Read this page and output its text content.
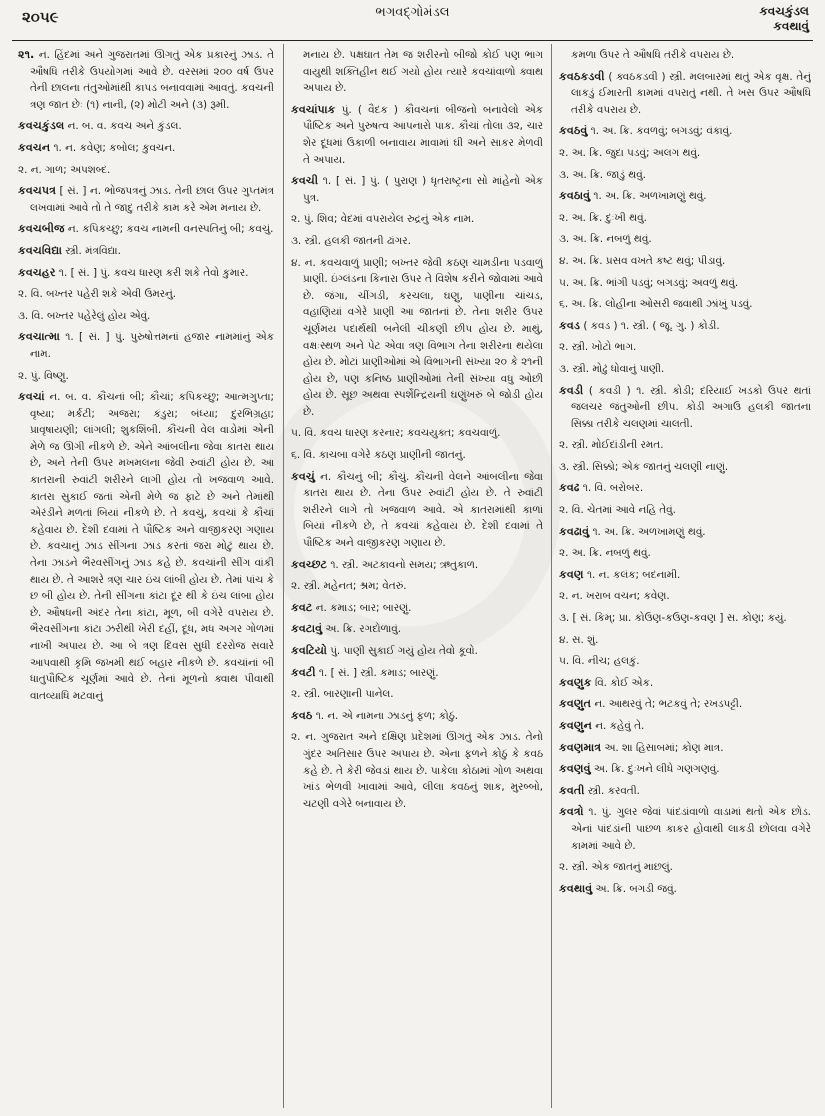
૨૦૫૯	ભગવદ્ગોમંડલ	કવચકુંડલ
કવથાવું

૨૧. ન. હિંદમાં અને ગુજરાતમાં ઊગતું એક પ્રકારનું ઝાડ. તે ઔષધિ તરીકે ઉપયોગમાં આવે છે. વરસમાં ૨૦૦ વર્ષ ઉપર તેની છાલના તંતુઓમાંથી કાપડ બનાવવામાં આવતું. કવચની ત્રણ જાત છેઃ (૧) નાની, (૨) મોટી અને (૩) રૂમી.

કવચકુંડલ ન. બ. વ. કવચ અને કુંડલ.

કવચન ૧. ન. કવેણ; કબોલ; કુવચન.

૨. ન. ગાળ; અપશબ્દ.

કવચપત્ર [ સં. ] ન. ભોજપત્રનું ઝાડ. તેની છાલ ઉપર ગુપ્તમંત્ર લખવામાં આવે તો તે જાદુ તરીકે કામ કરે એમ મનાય છે.

કવચબીજ ન. કપિકચ્છુ; કવચ નામની વનસ્પતિનું બી; કવચું.

કવચવિદ્યા સ્ત્રી. મંત્રવિદ્યા.

કવચહર ૧. [ સં. ] પું. કવચ ધારણ કરી શકે તેવો કુમાર.

૨. વિ. બખ્તર પહેરી શકે એવી ઉમરનું.

૩. વિ. બખ્તર પહેરેલું હોય એવું.

કવચાત્મા ૧. [ સં. ] પું. પુરુષોત્તમનાં હજાર નામમાંનું એક નામ.

૨. પું. વિષ્ણુ.

કવચાં ન. બ. વ. કૌંચનાં બી; કૌચાં; કપિકચ્છુ; આત્મગુપ્તા; વૃષ્યા; મર્કટી; અજરા; કંડુરા; બંધ્યા; દુરભિગ્રહા; પ્રાવૃષાયણી; લાંગલી; શુકશિંબી. કૌંચની વેલ વાડોમાં એની મેળે જ ઊગી નીકળે છે. એને આંબલીના જેવા કાતરા થાય છે, અને તેની ઉપર મખમલના જેવી રુવાંટી હોય છે. આ કાતરાની રુવાંટી શરીરને લાગી હોય તો ખજવાળ આવે. કાતરા સુકાઈ જતાં એની મેળે જ ફાટે છે અને તેમાંથી એરંડીને મળતાં બિયાં નીકળે છે. તે કવચું, કવચાં કે કૌચાં કહેવાય છે. દેશી દવામાં તે પૌષ્ટિક અને વાજીકરણ ગણાય છે. કવચાનું ઝાડ સીંગના ઝાડ કરતાં જરા મોટું થાય છે. તેના ઝાડને ભૈરવસીંગનું ઝાડ કહે છે. કવચાંની સીંગ વાંકી થાય છે. તે આશરે ત્રણ ચાર ઇંચ લાંબી હોય છે. તેમાં પાંચ કે છ બી હોય છે. તેની સીંગના કાંટા દૂર થી કે ઇંચ લાંબા હોય છે. ઔષધની અંદર તેના કાંટા, મૂળ, બી વગેરે વપરાય છે. ભૈરવસીંગના કાંટા ઝરીથી ખેરી દહીં, દૂધ, મધ અગર ગોળમાં નાખી અપાય છે. આ બે ત્રણ દિવસ સુધી દરરોજ સવારે આપવાથી કૃમિ જખમી થઈ બહાર નીકળે છે. કવચાંનાં બી ધાતુપૌષ્ટિક ચૂર્ણમાં આવે છે. તેનાં મૂળનો ક્વાથ પીવાથી વાતવ્યાધિ મટવાનું

મનાય છે. પક્ષઘાત તેમ જ શરીરનો બીજો કોઈ પણ ભાગ વાયુથી શક્તિહીન થઈ ગયો હોય ત્યારે કવચાંવાળો ક્વાથ અપાય છે.

કવચાંપાક પું. ( વૈદક ) કૌવચનાં બીજનો બનાવેલો એક પૌષ્ટિક અને પુરુષત્વ આપનારો પાક. કૌચાં તોલા ૩૨, ચાર શેર દૂધમાં ઉકાળી બનાવાય માવામાં ઘી અને સાકર મેળવી તે અપાય.

કવચી ૧. [ સં. ] પું. ( પુરાણ ) ધૃતરાષ્ટ્રના સો માંહેનો એક પુત્ર.

૨. પું. શિવ; વેદમાં વપરાયેલ રુદ્રનું એક નામ.

૩. સ્ત્રી. હલકી જાતની ઢાંગર.

૪. ન. કવચવાળું પ્રાણી; બખ્તર જેવી કઠણ ચામડીના પડવાળું પ્રાણી. ઇંગ્લંડના કિનારા ઉપર તે વિશેષ કરીને જોવામાં આવે છે. જંગા, ચીંગડી, કરચલા, ઘણુ, પાણીના ચાંચડ, વહાણિયાં વગેરે પ્રાણી આ જાતનાં છે. તેના શરીર ઉપર ચૂર્ણમય પદાર્થથી બનેલી ચીકણી છીપ હોય છે. માથું, વક્ષઃસ્થળ અને પેટ એવા ત્રણ વિભાગ તેના શરીરના થયેલા હોય છે. મોટાં પ્રાણીઓમાં એ વિભાગની સંખ્યા ૨૦ કે ૨૧ની હોય છે, પણ કનિષ્ઠ પ્રાણીઓમાં તેની સંખ્યા વધુ ઓછી હોય છે. સૂછ અથવા સ્પર્શેન્દ્રિયની ઘણુંખરું બે જોડી હોય છે.

૫. વિ. કવચ ધારણ કરનાર; કવચયુક્ત; કવચવાળું.

૬. વિ. કાચબા વગેરે કઠણ પ્રાણીની જાતનું.

કવચું ન. કૌચનું બી; કૌચું. કૌંચની વેલને આંબલીના જેવા કાતરા થાય છે. તેના ઉપર રુવાંટી હોય છે. તે રુવાંટી શરીરને લાગે તો ખજવાળ આવે. એ કાતરામાંથી કાળાં બિયાં નીકળે છે, તે કવચાં કહેવાય છે. દેશી દવામાં તે પૌષ્ટિક અને વાજીકરણ ગણાય છે.

કવચ્છટ ૧. સ્ત્રી. અટકાવનો સમય; ઋતુકાળ.

૨. સ્ત્રી. મહેનત; શ્રમ; વેતરું.

કવટ ન. કમાડ; બાર; બારણું.

કવટાવું અ. ક્રિ. રગદોળાવું.

કવટિયો પું. પાણી સુકાઈ ગયું હોય તેવો કૂવો.

કવટી ૧. [ સં. ] સ્ત્રી. કમાડ; બારણું.

૨. સ્ત્રી. બારણાની પાનેલ.

કવઠ ૧. ન. એ નામના ઝાડનું ફળ; કોઠું.

૨. ન. ગુજરાત અને દક્ષિણ પ્રદેશમાં ઊગતું એક ઝાડ. તેનો ગુંદર અતિસાર ઉપર અપાય છે. એના ફળને કોઠું કે કવઠ કહે છે. તે કેરી જેવડાં થાય છે. પાકેલા કોઠામાં ગોળ અથવા ખાંડ ભેળવી ખાવામાં આવે, લીલા કવઠનું શાક, મુરબ્બો, ચટણી વગેરે બનાવાય છે.

કમળા ઉપર તે ઔષધિ તરીકે વપરાય છે.

કવઠકડવી ( ક્વઠકડવી ) સ્ત્રી. મલબારમાં થતું એક વૃક્ષ. તેનું લાકડું ઈમારતી કામમાં વપરાતું નથી. તે ખસ ઉપર ઔષધિ તરીકે વપરાય છે.

કવઠવું ૧. અ. ક્રિ. કવળવું; બગડવું; વંકાવું.

૨. અ. ક્રિ. જુદા પડવું; અલગ થવું.

૩. અ. ક્રિ. જાડું થવું.

કવઠાવું ૧. અ. ક્રિ. અળખામણું થવું.

૨. અ. ક્રિ. દુઃખી થવું.

૩. અ. ક્રિ. નબળું થવું.

૪. અ. ક્રિ. પ્રસવ વખતે કષ્ટ થવું; પીડાવું.

૫. અ. ક્રિ. ભાંગી પડવું; બગડવું; અવળું થવું.

૬. અ. ક્રિ. લોહીના ઓસરી જવાથી ઝાંખું પડવું.

કવડ ( કવડ ) ૧. સ્ત્રી. ( જૂ. ગુ. ) કોડી.

૨. સ્ત્રી. ખોટો ભાગ.

૩. સ્ત્રી. મોઢું ધોવાનું પાણી.

કવડી ( કવડી ) ૧. સ્ત્રી. કોડી; દરિયાઈ ખડકો ઉપર થતાં જલચર જંતુઓની છીપ. કોડી અગાઉ હલકી જાતના સિક્કા તરીકે ચલણમાં ચાલતી.

૨. સ્ત્રી. મોઈદાંડીની રમત.

૩. સ્ત્રી. સિક્કો; એક જાતનું ચલણી નાણું.

કવઢ ૧. વિ. બરોબર.

૨. વિ. ચેતમાં આવે નહિ તેવું.

કવઢાવું ૧. અ. ક્રિ. અળખામણું થવું.

૨. અ. ક્રિ. નબળું થવું.

કવણ ૧. ન. કલંક; બદનામી.

૨. ન. ખરાબ વચન; કવેણ.

૩. [ સં. કિમ્; પ્રા. કોઉણ-કઉણ-કવણ ] સ. કોણ; કયું.

૪. સ. શું.

૫. વિ. નીચ; હલકું.

કવણુક વિ. કોઈ એક.

કવણુત ન. આથરવું તે; ભટકવું તે; રખડપટ્ટી.

કવણુન ન. કહેવું તે.

કવણમાત્ર અ. શા હિસાબમાં; કોણ માત્ર.

કવણવું અ. ક્રિ. દુઃખને લીધે ગણગણવું.

કવતી સ્ત્રી. કરવતી.

કવત્રો ૧. પું. ગુલર જેવાં પાંદડાંવાળો વાડામાં થતો એક છોડ. એનાં પાંદડાંની પાછળ કાકર હોવાથી લાકડી છોલવા વગેરે કામમાં આવે છે.

૨. સ્ત્રી. એક જાતનું માછલું.

કવથાવું અ. ક્રિ. બગડી જવું.
